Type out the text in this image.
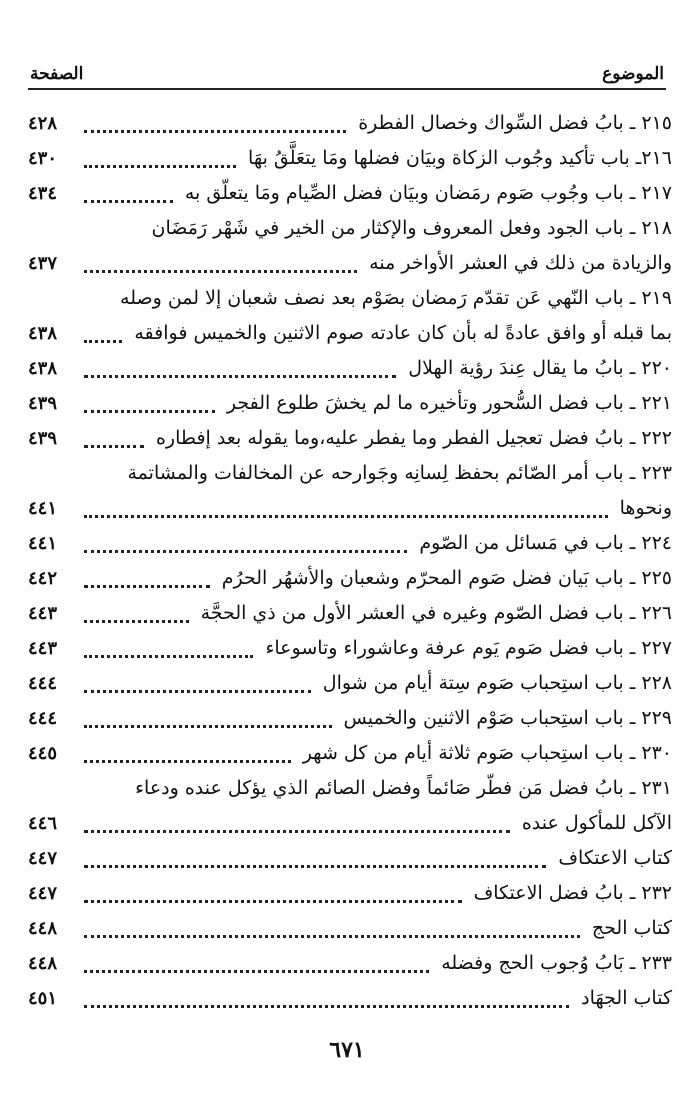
الموضوع
الصفحة
٢١٥ ـ بابُ فضل السِّواك وخصال الفطرة
٤٢٨
٢١٦ـ باب تأكيد وجُوب الزكاة وبيَان فضلها ومَا يتعَلَّقُ بهَا
٤٣٠
٢١٧ ـ باب وجُوب صَوم رمَضان وبيَان فضل الصِّيام ومَا يتعلّق به
٤٣٤
٢١٨ ـ باب الجود وفعل المعروف والإكثار من الخير في شَهْر رَمَضَان
والزيادة من ذلك في العشر الأواخر منه
٤٣٧
٢١٩ ـ باب النّهي عَن تقدّم رَمضان بصَوْم بعد نصف شعبان إلا لمن وصله
بما قبله أو وافق عادةً له بأن كان عادته صوم الاثنين والخميس فوافقه
٤٣٨
٢٢٠ ـ بابُ ما يقال عِندَ رؤية الهلال
٤٣٨
٢٢١ ـ باب فضل السُّحور وتأخيره ما لم يخشَ طلوع الفجر
٤٣٩
٢٢٢ ـ بابُ فضل تعجيل الفطر وما يفطر عليه،وما يقوله بعد إفطاره
٤٣٩
٢٢٣ ـ باب أمر الصّائم بحفظ لِسانِه وجَوارحه عن المخالفات والمشاتمة
ونحوها
٤٤١
٢٢٤ ـ باب في مَسائل من الصّوم
٤٤١
٢٢٥ ـ باب بَيان فضل صَوم المحرّم وشعبان والأشهُر الحرُم
٤٤٢
٢٢٦ ـ باب فضل الصّوم وغيره في العشر الأول من ذي الحجَّة
٤٤٣
٢٢٧ ـ باب فضل صَوم يَوم عرفة وعاشوراء وتاسوعاء
٤٤٣
٢٢٨ ـ باب استِحباب صَوم سِتة أيام من شوال
٤٤٤
٢٢٩ ـ باب استِحباب صَوْم الاثنين والخميس
٤٤٤
٢٣٠ ـ باب استِحباب صَوم ثلاثة أيام من كل شهر
٤٤٥
٢٣١ ـ بابُ فضل مَن فطّر صَائماً وفضل الصائم الذي يؤكل عنده ودعاء
الآكل للمأكول عنده
٤٤٦
كتاب الاعتكاف
٤٤٧
٢٣٢ ـ بابُ فضل الاعتكاف
٤٤٧
كتاب الحج
٤٤٨
٢٣٣ ـ بَابُ وُجوب الحج وفضله
٤٤٨
كتاب الجهَاد
٤٥١
٦٧١
